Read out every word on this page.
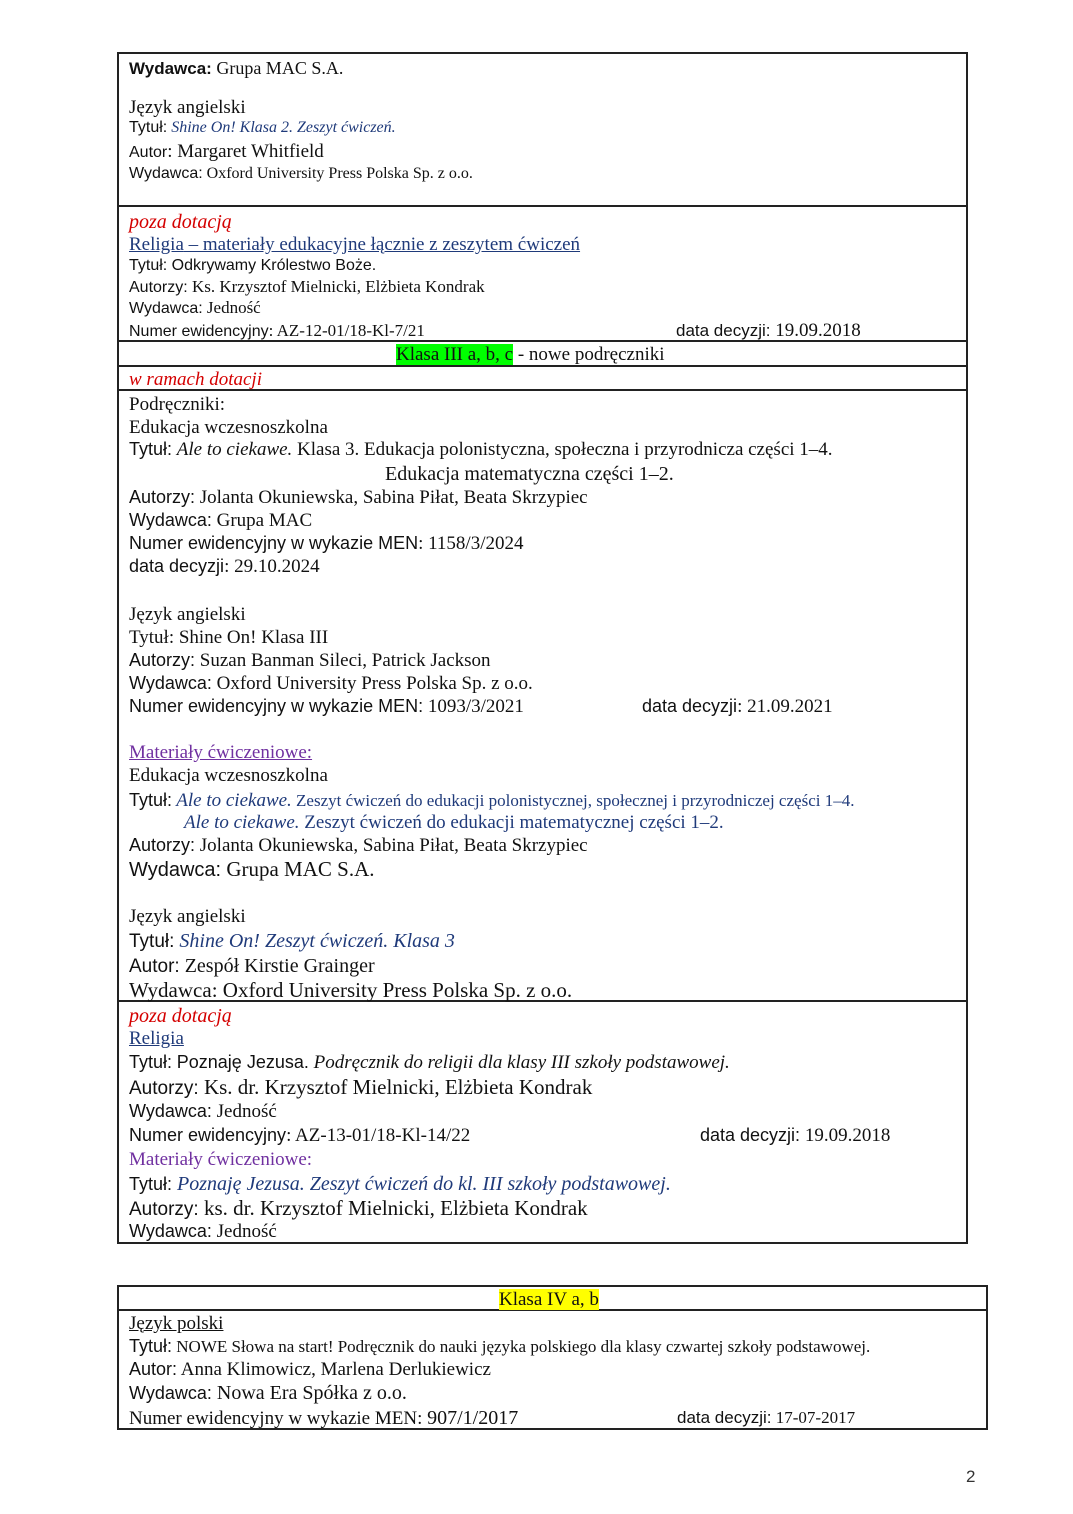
Wydawca: Grupa MAC S.A.
Język angielski
Tytuł: Shine On! Klasa 2. Zeszyt ćwiczeń.
Autor: Margaret Whitfield
Wydawca: Oxford University Press Polska Sp. z o.o.
poza dotacją
Religia – materiały edukacyjne łącznie z zeszytem ćwiczeń
Tytuł: Odkrywamy Królestwo Boże.
Autorzy: Ks. Krzysztof Mielnicki, Elżbieta Kondrak
Wydawca: Jedność
Numer ewidencyjny: AZ-12-01/18-Kl-7/21	data decyzji: 19.09.2018
Klasa III a, b, c - nowe podręczniki
w ramach dotacji
Podręczniki:
Edukacja wczesnoszkolna
Tytuł: Ale to ciekawe. Klasa 3. Edukacja polonistyczna, społeczna i przyrodnicza części 1–4.
Edukacja matematyczna części 1–2.
Autorzy: Jolanta Okuniewska, Sabina Piłat, Beata Skrzypiec
Wydawca: Grupa MAC
Numer ewidencyjny w wykazie MEN: 1158/3/2024
data decyzji: 29.10.2024
Język angielski
Tytuł: Shine On! Klasa III
Autorzy: Suzan Banman Sileci, Patrick Jackson
Wydawca: Oxford University Press Polska Sp. z o.o.
Numer ewidencyjny w wykazie MEN: 1093/3/2021	data decyzji: 21.09.2021
Materiały ćwiczeniowe:
Edukacja wczesnoszkolna
Tytuł: Ale to ciekawe. Zeszyt ćwiczeń do edukacji polonistycznej, społecznej i przyrodniczej części 1–4.
Ale to ciekawe. Zeszyt ćwiczeń do edukacji matematycznej części 1–2.
Autorzy: Jolanta Okuniewska, Sabina Piłat, Beata Skrzypiec
Wydawca: Grupa MAC S.A.
Język angielski
Tytuł: Shine On! Zeszyt ćwiczeń. Klasa 3
Autor: Zespół Kirstie Grainger
Wydawca: Oxford University Press Polska Sp. z o.o.
poza dotacją
Religia
Tytuł: Poznaję Jezusa. Podręcznik do religii dla klasy III szkoły podstawowej.
Autorzy: Ks. dr. Krzysztof Mielnicki, Elżbieta Kondrak
Wydawca: Jedność
Numer ewidencyjny: AZ-13-01/18-Kl-14/22	data decyzji: 19.09.2018
Materiały ćwiczeniowe:
Tytuł: Poznaję Jezusa. Zeszyt ćwiczeń do kl. III szkoły podstawowej.
Autorzy: ks. dr. Krzysztof Mielnicki, Elżbieta Kondrak
Wydawca: Jedność
Klasa IV a, b
Język polski
Tytuł: NOWE Słowa na start! Podręcznik do nauki języka polskiego dla klasy czwartej szkoły podstawowej.
Autor: Anna Klimowicz, Marlena Derlukiewicz
Wydawca: Nowa Era Spółka z o.o.
Numer ewidencyjny w wykazie MEN: 907/1/2017	data decyzji: 17-07-2017
2
